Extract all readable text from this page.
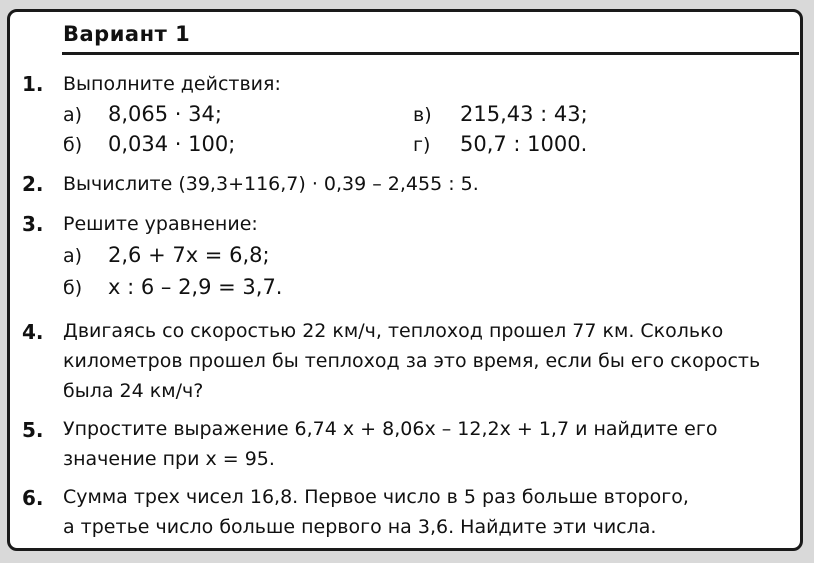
Вариант 1
1. Выполните действия:
а) 8,065 · 34;
б) 0,034 · 100;
в) 215,43 : 43;
г) 50,7 : 1000.
2. Вычислите (39,3+116,7) · 0,39 – 2,455 : 5.
3. Решите уравнение:
а) 2,6 + 7x = 6,8;
б) x : 6 – 2,9 = 3,7.
4. Двигаясь со скоростью 22 км/ч, теплоход прошел 77 км. Сколько
километров прошел бы теплоход за это время, если бы его скорость
была 24 км/ч?
5. Упростите выражение 6,74 x + 8,06x – 12,2x + 1,7 и найдите его
значение при x = 95.
6. Сумма трех чисел 16,8. Первое число в 5 раз больше второго,
а третье число больше первого на 3,6. Найдите эти числа.
